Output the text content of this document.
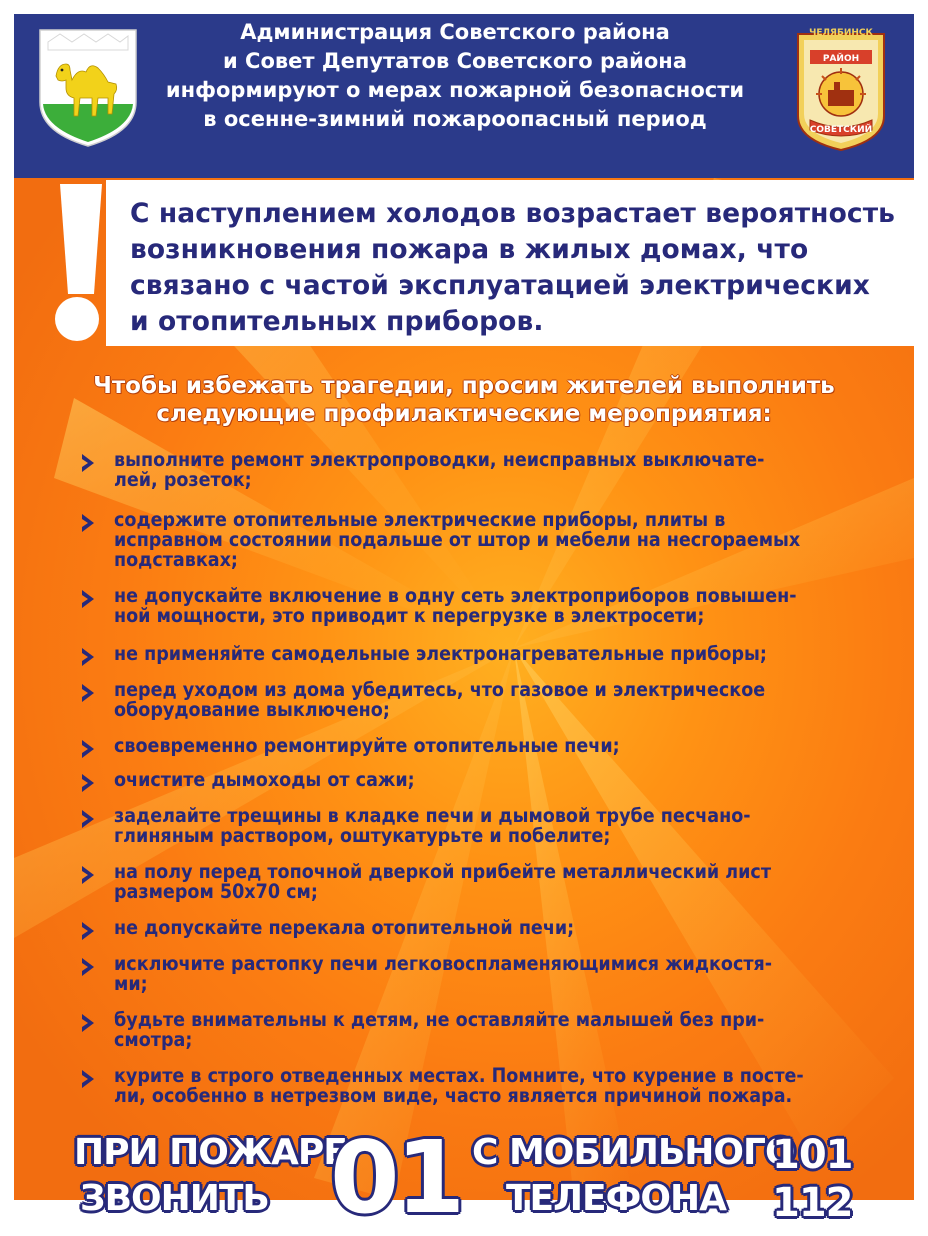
Администрация Советского района
и Совет Депутатов Советского района
информируют о мерах пожарной безопасности
в осенне-зимний пожароопасный период
ЧЕЛЯБИНСК
РАЙОН
СОВЕТСКИЙ
С наступлением холодов возрастает вероятность
возникновения пожара в жилых домах, что
связано с частой эксплуатацией электрических
и отопительных приборов.
Чтобы избежать трагедии, просим жителей выполнить
следующие профилактические мероприятия:
выполните ремонт электропроводки, неисправных выключате-
лей, розеток;
содержите отопительные электрические приборы, плиты в
исправном состоянии подальше от штор и мебели на несгораемых
подставках;
не допускайте включение в одну сеть электроприборов повышен-
ной мощности, это приводит к перегрузке в электросети;
не применяйте самодельные электронагревательные приборы;
перед уходом из дома убедитесь, что газовое и электрическое
оборудование выключено;
своевременно ремонтируйте отопительные печи;
очистите дымоходы от сажи;
заделайте трещины в кладке печи и дымовой трубе песчано-
глиняным раствором, оштукатурьте и побелите;
на полу перед топочной дверкой прибейте металлический лист
размером 50х70 см;
не допускайте перекала отопительной печи;
исключите растопку печи легковоспламеняющимися жидкостя-
ми;
будьте внимательны к детям, не оставляйте малышей без при-
смотра;
курите в строго отведенных местах. Помните, что курение в посте-
ли, особенно в нетрезвом виде, часто является причиной пожара.
ПРИ ПОЖАРЕ
ЗВОНИТЬ 01 С МОБИЛЬНОГО
ТЕЛЕФОНА
101
112
